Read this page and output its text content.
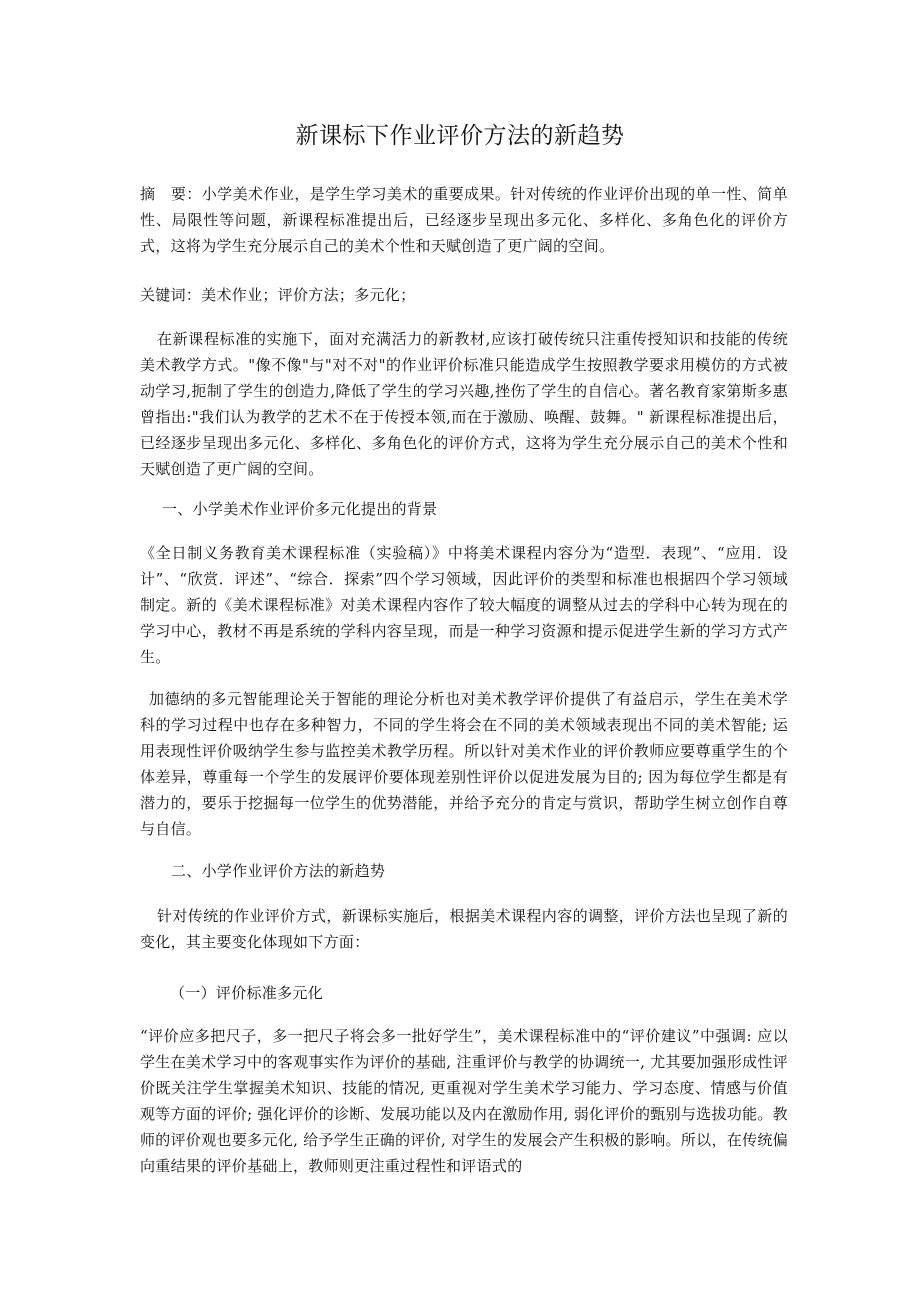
新课标下作业评价方法的新趋势
摘　要：小学美术作业，是学生学习美术的重要成果。针对传统的作业评价出现的单一性、简单性、局限性等问题，新课程标准提出后，已经逐步呈现出多元化、多样化、多角色化的评价方式，这将为学生充分展示自己的美术个性和天赋创造了更广阔的空间。
关键词：美术作业；评价方法；多元化；
在新课程标准的实施下，面对充满活力的新教材,应该打破传统只注重传授知识和技能的传统美术教学方式。"像不像"与"对不对"的作业评价标准只能造成学生按照教学要求用模仿的方式被动学习,扼制了学生的创造力,降低了学生的学习兴趣,挫伤了学生的自信心。著名教育家第斯多惠曾指出:"我们认为教学的艺术不在于传授本领,而在于激励、唤醒、鼓舞。" 新课程标准提出后，已经逐步呈现出多元化、多样化、多角色化的评价方式，这将为学生充分展示自己的美术个性和天赋创造了更广阔的空间。
一、小学美术作业评价多元化提出的背景
《全日制义务教育美术课程标准（实验稿）》中将美术课程内容分为“造型．表现”、“应用．设计”、“欣赏．评述”、“综合．探索”四个学习领域，因此评价的类型和标准也根据四个学习领域制定。新的《美术课程标准》对美术课程内容作了较大幅度的调整从过去的学科中心转为现在的学习中心，教材不再是系统的学科内容呈现，而是一种学习资源和提示促进学生新的学习方式产生。
加德纳的多元智能理论关于智能的理论分析也对美术教学评价提供了有益启示，学生在美术学科的学习过程中也存在多种智力，不同的学生将会在不同的美术领域表现出不同的美术智能; 运用表现性评价吸纳学生参与监控美术教学历程。所以针对美术作业的评价教师应要尊重学生的个体差异，尊重每一个学生的发展评价要体现差别性评价以促进发展为目的; 因为每位学生都是有潜力的，要乐于挖掘每一位学生的优势潜能，并给予充分的肯定与赏识，帮助学生树立创作自尊与自信。
二、小学作业评价方法的新趋势
针对传统的作业评价方式，新课标实施后，根据美术课程内容的调整，评价方法也呈现了新的变化，其主要变化体现如下方面：
（一）评价标准多元化
“评价应多把尺子，多一把尺子将会多一批好学生”，美术课程标准中的“评价建议”中强调: 应以学生在美术学习中的客观事实作为评价的基础, 注重评价与教学的协调统一, 尤其要加强形成性评价既关注学生掌握美术知识、技能的情况, 更重视对学生美术学习能力、学习态度、情感与价值观等方面的评价; 强化评价的诊断、发展功能以及内在激励作用, 弱化评价的甄别与选拔功能。教师的评价观也要多元化, 给予学生正确的评价, 对学生的发展会产生积极的影响。所以，在传统偏向重结果的评价基础上，教师则更注重过程性和评语式的
